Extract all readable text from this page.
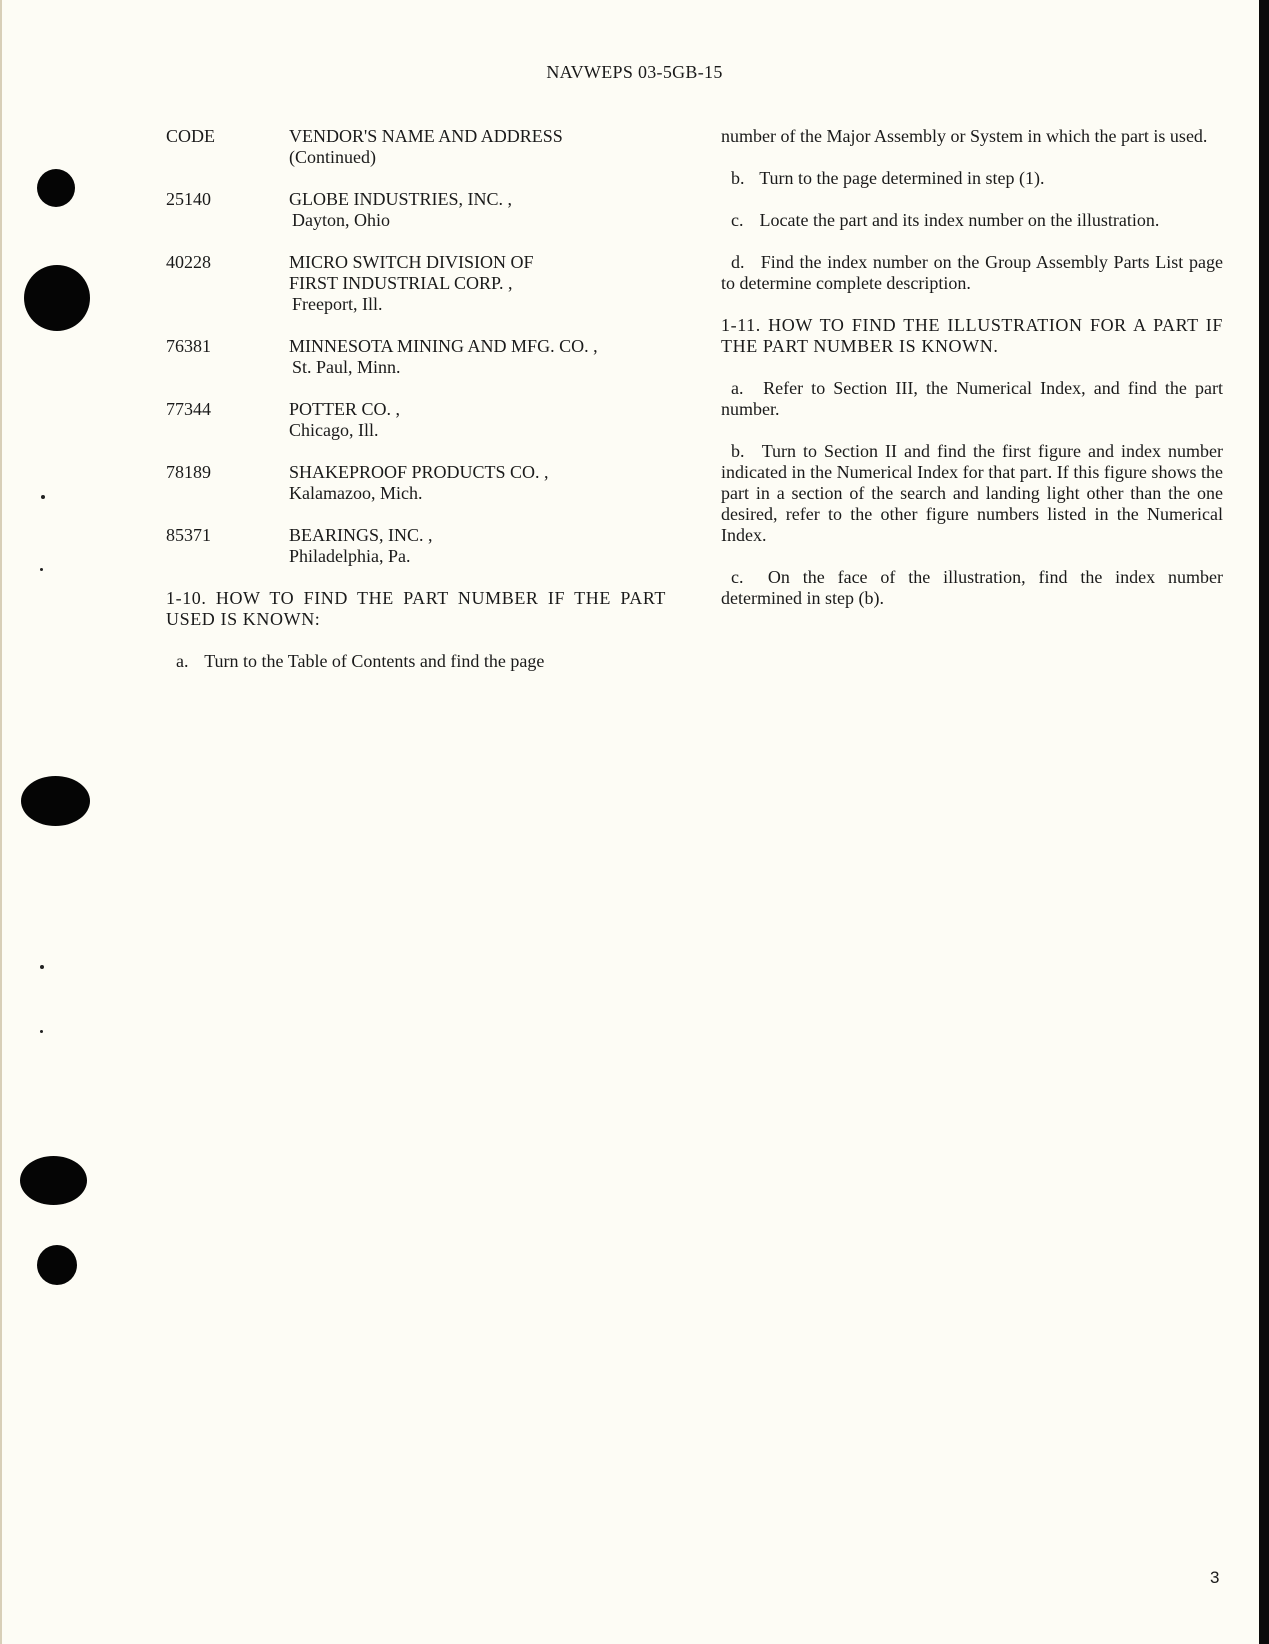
NAVWEPS 03-5GB-15
CODE	VENDOR'S NAME AND ADDRESS
(Continued)
25140	GLOBE INDUSTRIES, INC. ,
Dayton, Ohio
40228	MICRO SWITCH DIVISION OF
FIRST INDUSTRIAL CORP. ,
Freeport, Ill.
76381	MINNESOTA MINING AND MFG. CO. ,
St. Paul, Minn.
77344	POTTER CO. ,
Chicago, Ill.
78189	SHAKEPROOF PRODUCTS CO. ,
Kalamazoo, Mich.
85371	BEARINGS, INC. ,
Philadelphia, Pa.

1-10. HOW TO FIND THE PART NUMBER IF THE PART USED IS KNOWN:

a. Turn to the Table of Contents and find the page

number of the Major Assembly or System in which the part is used.

b. Turn to the page determined in step (1).

c. Locate the part and its index number on the illustration.

d. Find the index number on the Group Assembly Parts List page to determine complete description.

1-11. HOW TO FIND THE ILLUSTRATION FOR A PART IF THE PART NUMBER IS KNOWN.

a. Refer to Section III, the Numerical Index, and find the part number.

b. Turn to Section II and find the first figure and index number indicated in the Numerical Index for that part. If this figure shows the part in a section of the search and landing light other than the one desired, refer to the other figure numbers listed in the Numerical Index.

c. On the face of the illustration, find the index number determined in step (b).

3
